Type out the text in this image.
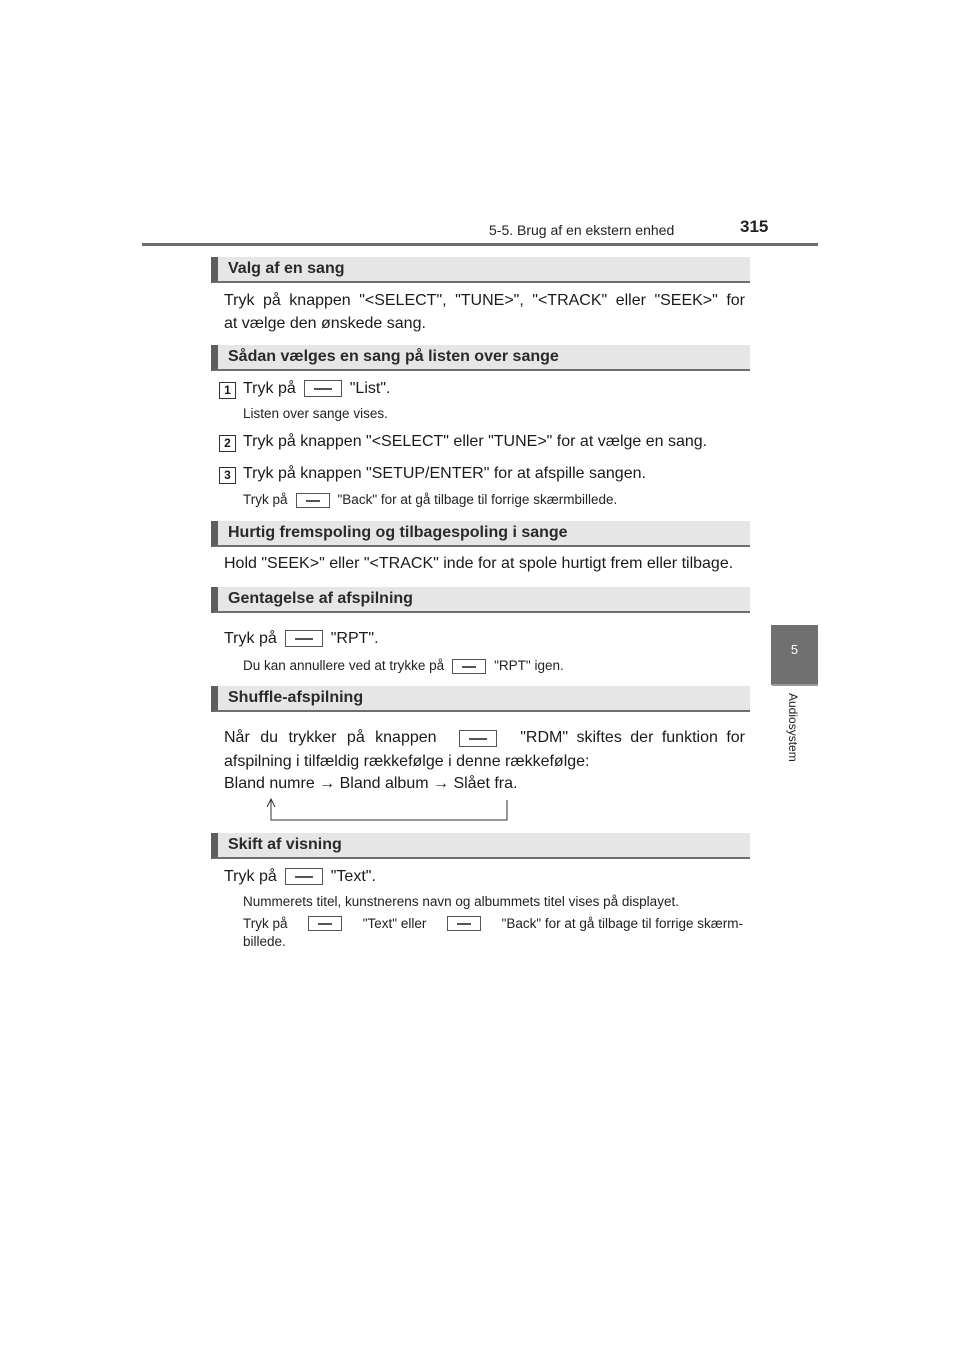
5-5. Brug af en ekstern enhed	315
5
Audiosystem
Valg af en sang
Tryk på knappen "<SELECT", "TUNE>", "<TRACK" eller "SEEK>" for
at vælge den ønskede sang.
Sådan vælges en sang på listen over sange
1 Tryk på	"List".
Listen over sange vises.
2 Tryk på knappen "<SELECT" eller "TUNE>" for at vælge en sang.
3 Tryk på knappen "SETUP/ENTER" for at afspille sangen.
Tryk på	"Back" for at gå tilbage til forrige skærmbillede.
Hurtig fremspoling og tilbagespoling i sange
Hold "SEEK>" eller "<TRACK" inde for at spole hurtigt frem eller tilbage.
Gentagelse af afspilning
Tryk på	"RPT".
Du kan annullere ved at trykke på	"RPT" igen.
Shuffle-afspilning
Når du trykker på knappen	"RDM" skiftes der funktion for
afspilning i tilfældig rækkefølge i denne rækkefølge:
Bland numre → Bland album → Slået fra.
Skift af visning
Tryk på	"Text".
Nummerets titel, kunstnerens navn og albummets titel vises på displayet.
Tryk på	"Text" eller	"Back" for at gå tilbage til forrige skærm-
billede.
